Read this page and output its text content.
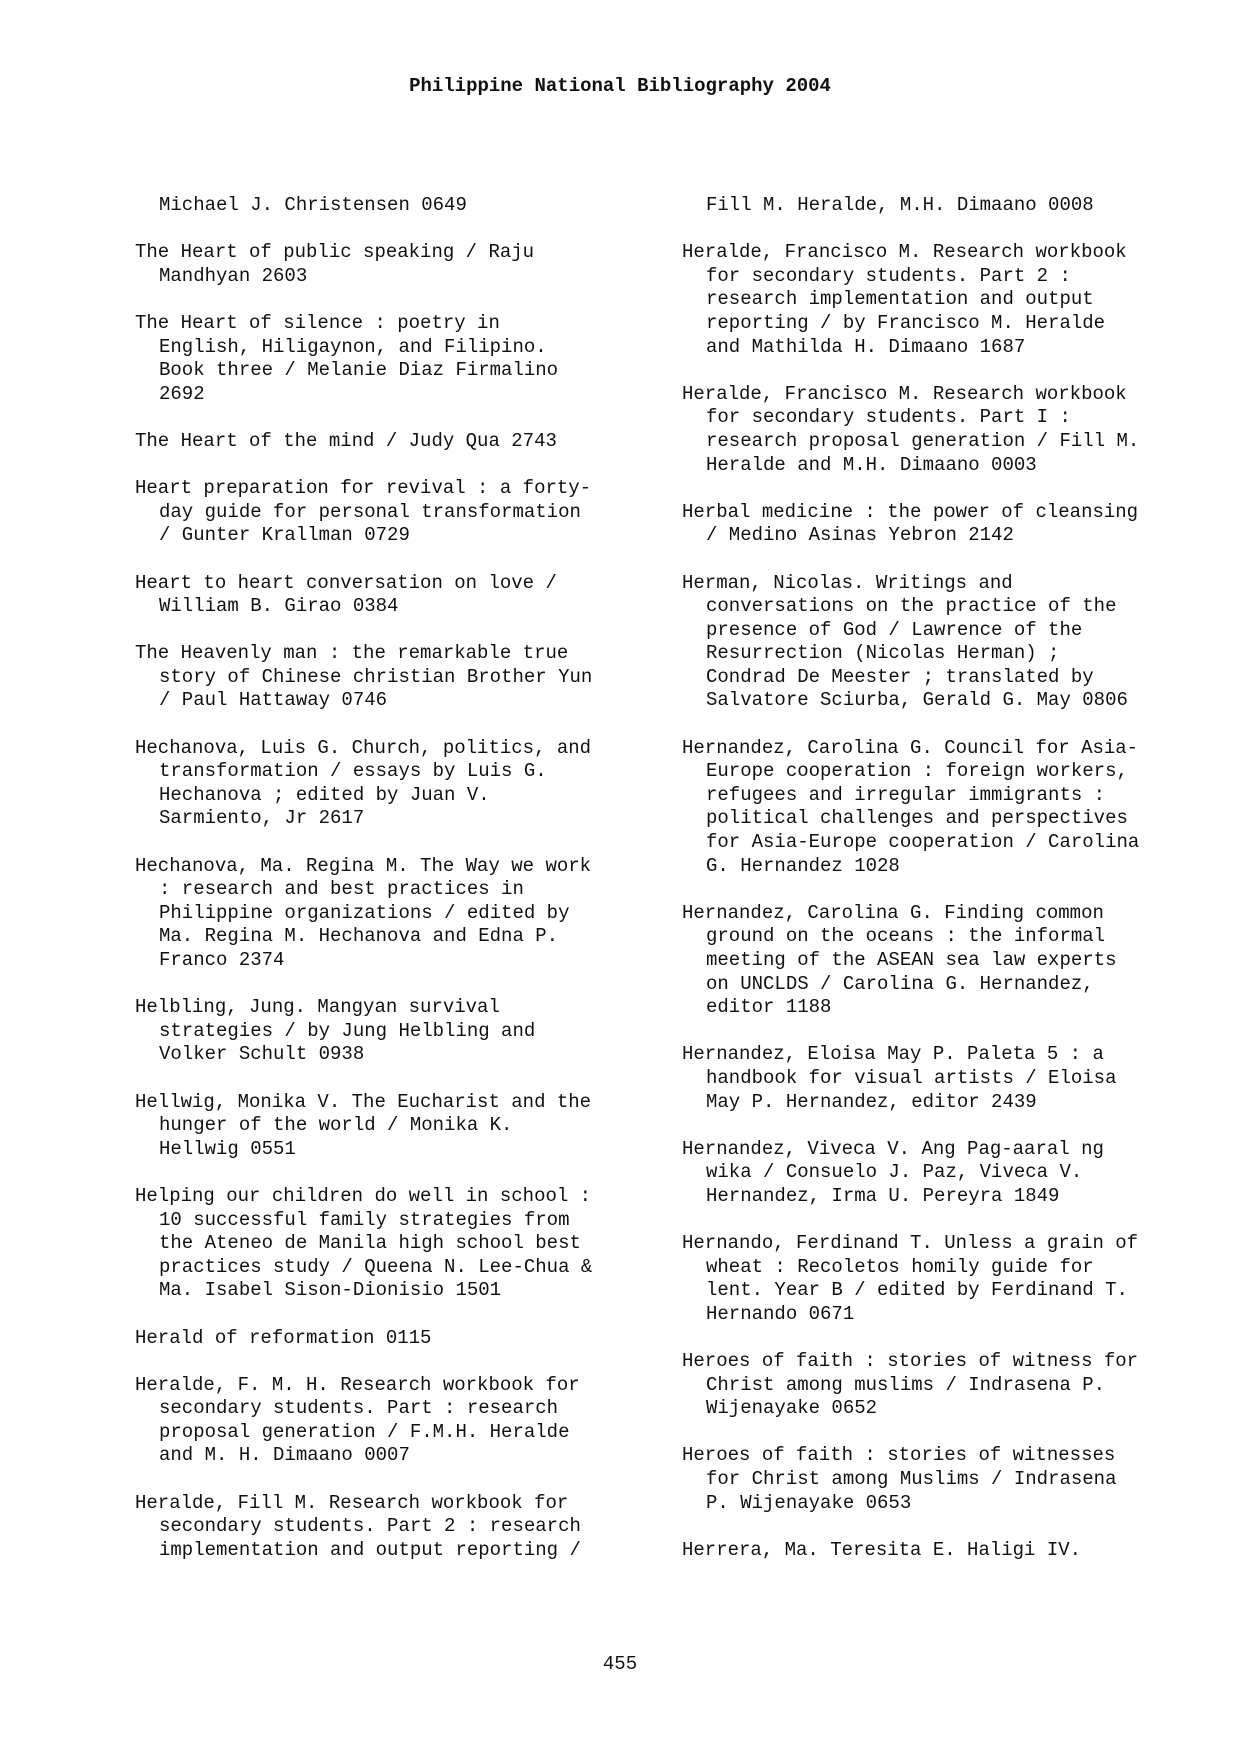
Philippine National Bibliography 2004
Michael J. Christensen 0649
The Heart of public speaking / Raju
Mandhyan 2603
The Heart of silence : poetry in
English, Hiligaynon, and Filipino.
Book three / Melanie Diaz Firmalino
2692
The Heart of the mind / Judy Qua 2743
Heart preparation for revival : a forty-
day guide for personal transformation
/ Gunter Krallman 0729
Heart to heart conversation on love /
William B. Girao 0384
The Heavenly man : the remarkable true
story of Chinese christian Brother Yun
/ Paul Hattaway 0746
Hechanova, Luis G. Church, politics, and
transformation / essays by Luis G.
Hechanova ; edited by Juan V.
Sarmiento, Jr 2617
Hechanova, Ma. Regina M. The Way we work
: research and best practices in
Philippine organizations / edited by
Ma. Regina M. Hechanova and Edna P.
Franco 2374
Helbling, Jung. Mangyan survival
strategies / by Jung Helbling and
Volker Schult 0938
Hellwig, Monika V. The Eucharist and the
hunger of the world / Monika K.
Hellwig 0551
Helping our children do well in school :
10 successful family strategies from
the Ateneo de Manila high school best
practices study / Queena N. Lee-Chua &
Ma. Isabel Sison-Dionisio 1501
Herald of reformation 0115
Heralde, F. M. H. Research workbook for
secondary students. Part : research
proposal generation / F.M.H. Heralde
and M. H. Dimaano 0007
Heralde, Fill M. Research workbook for
secondary students. Part 2 : research
implementation and output reporting /
Fill M. Heralde, M.H. Dimaano 0008
Heralde, Francisco M. Research workbook
for secondary students. Part 2 :
research implementation and output
reporting / by Francisco M. Heralde
and Mathilda H. Dimaano 1687
Heralde, Francisco M. Research workbook
for secondary students. Part I :
research proposal generation / Fill M.
Heralde and M.H. Dimaano 0003
Herbal medicine : the power of cleansing
/ Medino Asinas Yebron 2142
Herman, Nicolas. Writings and
conversations on the practice of the
presence of God / Lawrence of the
Resurrection (Nicolas Herman) ;
Condrad De Meester ; translated by
Salvatore Sciurba, Gerald G. May 0806
Hernandez, Carolina G. Council for Asia-
Europe cooperation : foreign workers,
refugees and irregular immigrants :
political challenges and perspectives
for Asia-Europe cooperation / Carolina
G. Hernandez 1028
Hernandez, Carolina G. Finding common
ground on the oceans : the informal
meeting of the ASEAN sea law experts
on UNCLDS / Carolina G. Hernandez,
editor 1188
Hernandez, Eloisa May P. Paleta 5 : a
handbook for visual artists / Eloisa
May P. Hernandez, editor 2439
Hernandez, Viveca V. Ang Pag-aaral ng
wika / Consuelo J. Paz, Viveca V.
Hernandez, Irma U. Pereyra 1849
Hernando, Ferdinand T. Unless a grain of
wheat : Recoletos homily guide for
lent. Year B / edited by Ferdinand T.
Hernando 0671
Heroes of faith : stories of witness for
Christ among muslims / Indrasena P.
Wijenayake 0652
Heroes of faith : stories of witnesses
for Christ among Muslims / Indrasena
P. Wijenayake 0653
Herrera, Ma. Teresita E. Haligi IV.
455
